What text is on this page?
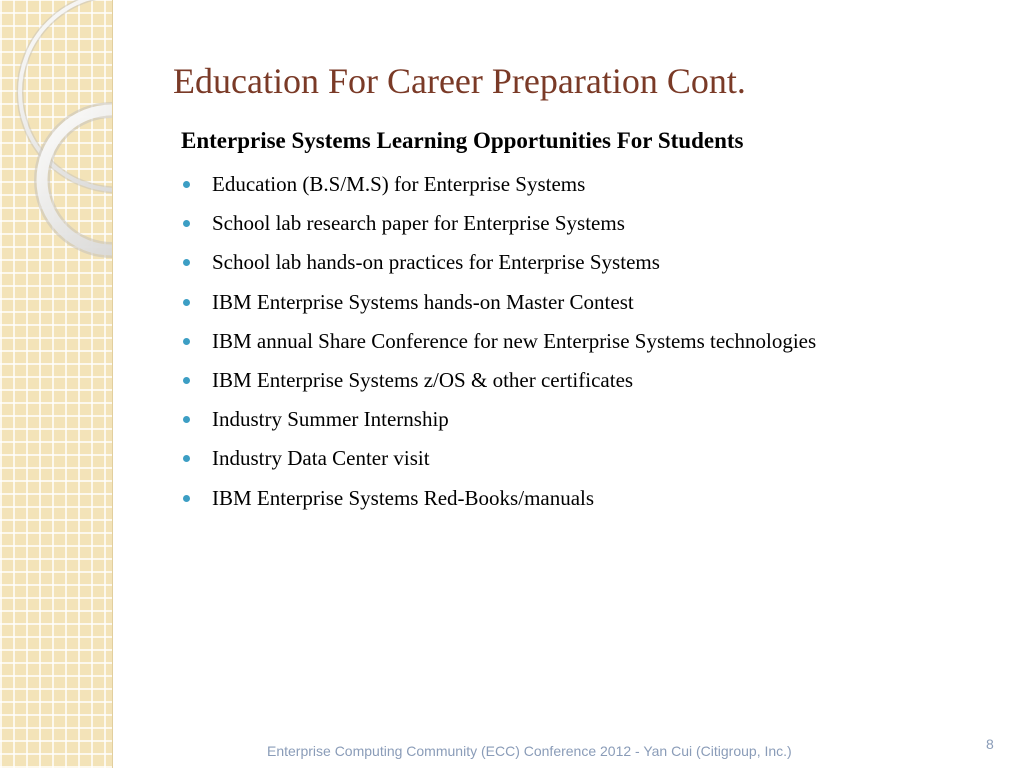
Education For Career Preparation Cont.
Enterprise Systems Learning Opportunities For Students
Education (B.S/M.S) for Enterprise Systems
School lab research paper for Enterprise Systems
School lab hands-on practices for Enterprise Systems
IBM Enterprise Systems hands-on Master Contest
IBM annual Share Conference for new Enterprise Systems technologies
IBM Enterprise Systems z/OS & other certificates
Industry Summer Internship
Industry Data Center visit
IBM Enterprise Systems Red-Books/manuals
Enterprise Computing Community (ECC) Conference 2012 - Yan Cui (Citigroup, Inc.)	8
